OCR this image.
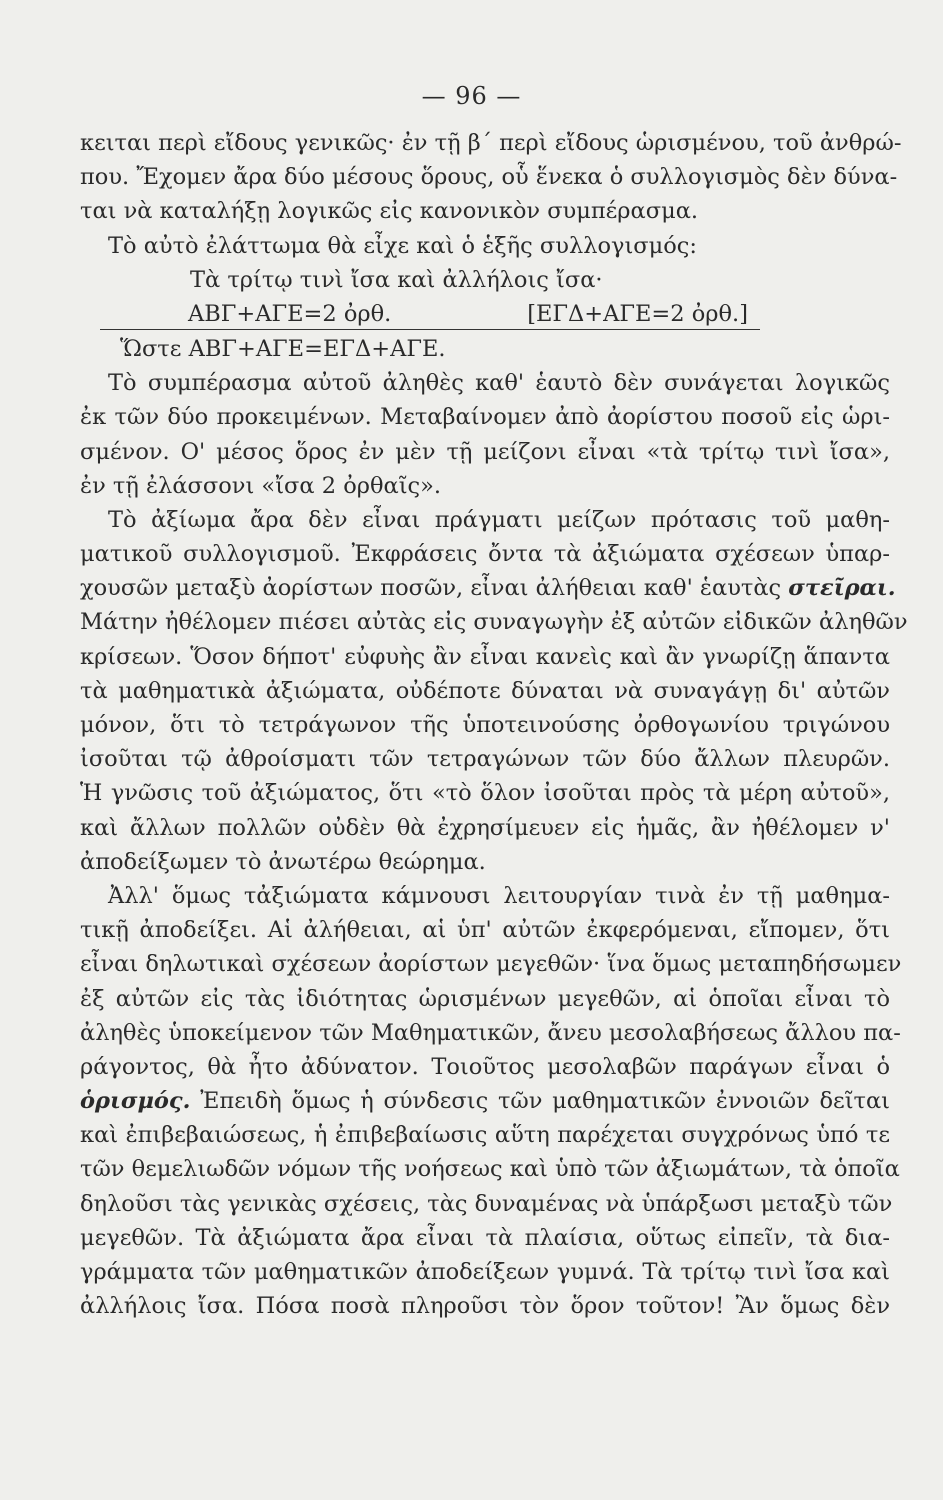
— 96 —
κειται περὶ εἴδους γενικῶς· ἐν τῇ β΄ περὶ εἴδους ὡρισμένου, τοῦ ἀνθρώ-
που. Ἔχομεν ἄρα δύο μέσους ὅρους, οὗ ἕνεκα ὁ συλλογισμὸς δὲν δύνα-
ται νὰ καταλήξῃ λογικῶς εἰς κανονικὸν συμπέρασμα.
Τὸ αὐτὸ ἐλάττωμα θὰ εἶχε καὶ ὁ ἑξῆς συλλογισμός:
Τὰ τρίτῳ τινὶ ἴσα καὶ ἀλλήλοις ἴσα·
ΑΒΓ+ΑΓΕ=2 ὀρθ.	[ΕΓΔ+ΑΓΕ=2 ὀρθ.]
Ὥστε ΑΒΓ+ΑΓΕ=ΕΓΔ+ΑΓΕ.
Τὸ συμπέρασμα αὐτοῦ ἀληθὲς καθ' ἑαυτὸ δὲν συνάγεται λογικῶς
ἐκ τῶν δύο προκειμένων. Μεταβαίνομεν ἀπὸ ἀορίστου ποσοῦ εἰς ὡρι-
σμένον. Ο' μέσος ὅρος ἐν μὲν τῇ μείζονι εἶναι «τὰ τρίτῳ τινὶ ἴσα»,
ἐν τῇ ἐλάσσονι «ἴσα 2 ὀρθαῖς».
Τὸ ἀξίωμα ἄρα δὲν εἶναι πράγματι μείζων πρότασις τοῦ μαθη-
ματικοῦ συλλογισμοῦ. Ἐκφράσεις ὄντα τὰ ἀξιώματα σχέσεων ὑπαρ-
χουσῶν μεταξὺ ἀορίστων ποσῶν, εἶναι ἀλήθειαι καθ' ἑαυτὰς στεῖραι.
Μάτην ἠθέλομεν πιέσει αὐτὰς εἰς συναγωγὴν ἐξ αὐτῶν εἰδικῶν ἀληθῶν
κρίσεων. Ὅσον δήποτ' εὐφυὴς ἂν εἶναι κανεὶς καὶ ἂν γνωρίζῃ ἅπαντα
τὰ μαθηματικὰ ἀξιώματα, οὐδέποτε δύναται νὰ συναγάγῃ δι' αὐτῶν
μόνον, ὅτι τὸ τετράγωνον τῆς ὑποτεινούσης ὀρθογωνίου τριγώνου
ἰσοῦται τῷ ἀθροίσματι τῶν τετραγώνων τῶν δύο ἄλλων πλευρῶν.
Ἡ γνῶσις τοῦ ἀξιώματος, ὅτι «τὸ ὅλον ἰσοῦται πρὸς τὰ μέρη αὐτοῦ»,
καὶ ἄλλων πολλῶν οὐδὲν θὰ ἐχρησίμευεν εἰς ἡμᾶς, ἂν ἠθέλομεν ν'
ἀποδείξωμεν τὸ ἀνωτέρω θεώρημα.
Ἀλλ' ὅμως τἀξιώματα κάμνουσι λειτουργίαν τινὰ ἐν τῇ μαθημα-
τικῇ ἀποδείξει. Αἱ ἀλήθειαι, αἱ ὑπ' αὐτῶν ἐκφερόμεναι, εἴπομεν, ὅτι
εἶναι δηλωτικαὶ σχέσεων ἀορίστων μεγεθῶν· ἵνα ὅμως μεταπηδήσωμεν
ἐξ αὐτῶν εἰς τὰς ἰδιότητας ὡρισμένων μεγεθῶν, αἱ ὁποῖαι εἶναι τὸ
ἀληθὲς ὑποκείμενον τῶν Μαθηματικῶν, ἄνευ μεσολαβήσεως ἄλλου πα-
ράγοντος, θὰ ἦτο ἀδύνατον. Τοιοῦτος μεσολαβῶν παράγων εἶναι ὁ
ὁρισμός. Ἐπειδὴ ὅμως ἡ σύνδεσις τῶν μαθηματικῶν ἐννοιῶν δεῖται
καὶ ἐπιβεβαιώσεως, ἡ ἐπιβεβαίωσις αὕτη παρέχεται συγχρόνως ὑπό τε
τῶν θεμελιωδῶν νόμων τῆς νοήσεως καὶ ὑπὸ τῶν ἀξιωμάτων, τὰ ὁποῖα
δηλοῦσι τὰς γενικὰς σχέσεις, τὰς δυναμένας νὰ ὑπάρξωσι μεταξὺ τῶν
μεγεθῶν. Τὰ ἀξιώματα ἄρα εἶναι τὰ πλαίσια, οὕτως εἰπεῖν, τὰ δια-
γράμματα τῶν μαθηματικῶν ἀποδείξεων γυμνά. Τὰ τρίτῳ τινὶ ἴσα καὶ
ἀλλήλοις ἴσα. Πόσα ποσὰ πληροῦσι τὸν ὅρον τοῦτον! Ἂν ὅμως δὲν
